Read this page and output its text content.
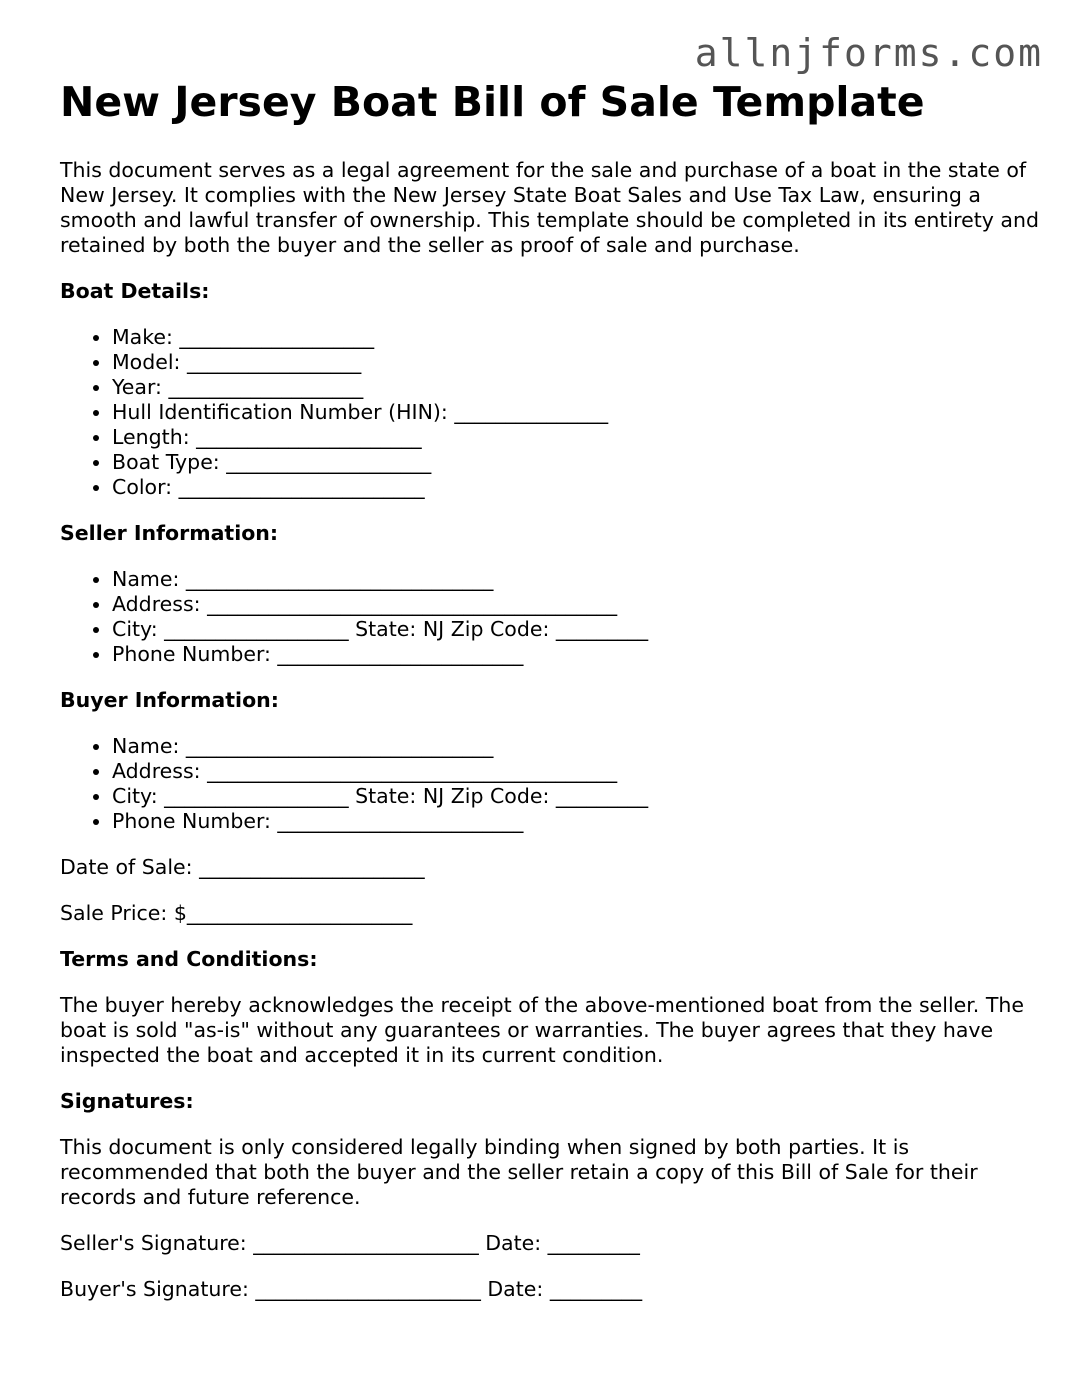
allnjforms.com
New Jersey Boat Bill of Sale Template

This document serves as a legal agreement for the sale and purchase of a boat in the state of New Jersey. It complies with the New Jersey State Boat Sales and Use Tax Law, ensuring a smooth and lawful transfer of ownership. This template should be completed in its entirety and retained by both the buyer and the seller as proof of sale and purchase.

Boat Details:
• Make: ___________________
• Model: _________________
• Year: ___________________
• Hull Identification Number (HIN): _______________
• Length: ______________________
• Boat Type: ____________________
• Color: ________________________
Seller Information:
• Name: ______________________________
• Address: ________________________________________
• City: __________________ State: NJ Zip Code: _________
• Phone Number: ________________________
Buyer Information:
• Name: ______________________________
• Address: ________________________________________
• City: __________________ State: NJ Zip Code: _________
• Phone Number: ________________________

Date of Sale: ______________________

Sale Price: $______________________

Terms and Conditions:

The buyer hereby acknowledges the receipt of the above-mentioned boat from the seller. The boat is sold "as-is" without any guarantees or warranties. The buyer agrees that they have inspected the boat and accepted it in its current condition.

Signatures:

This document is only considered legally binding when signed by both parties. It is recommended that both the buyer and the seller retain a copy of this Bill of Sale for their records and future reference.

Seller's Signature: ______________________ Date: _________

Buyer's Signature: ______________________ Date: _________
